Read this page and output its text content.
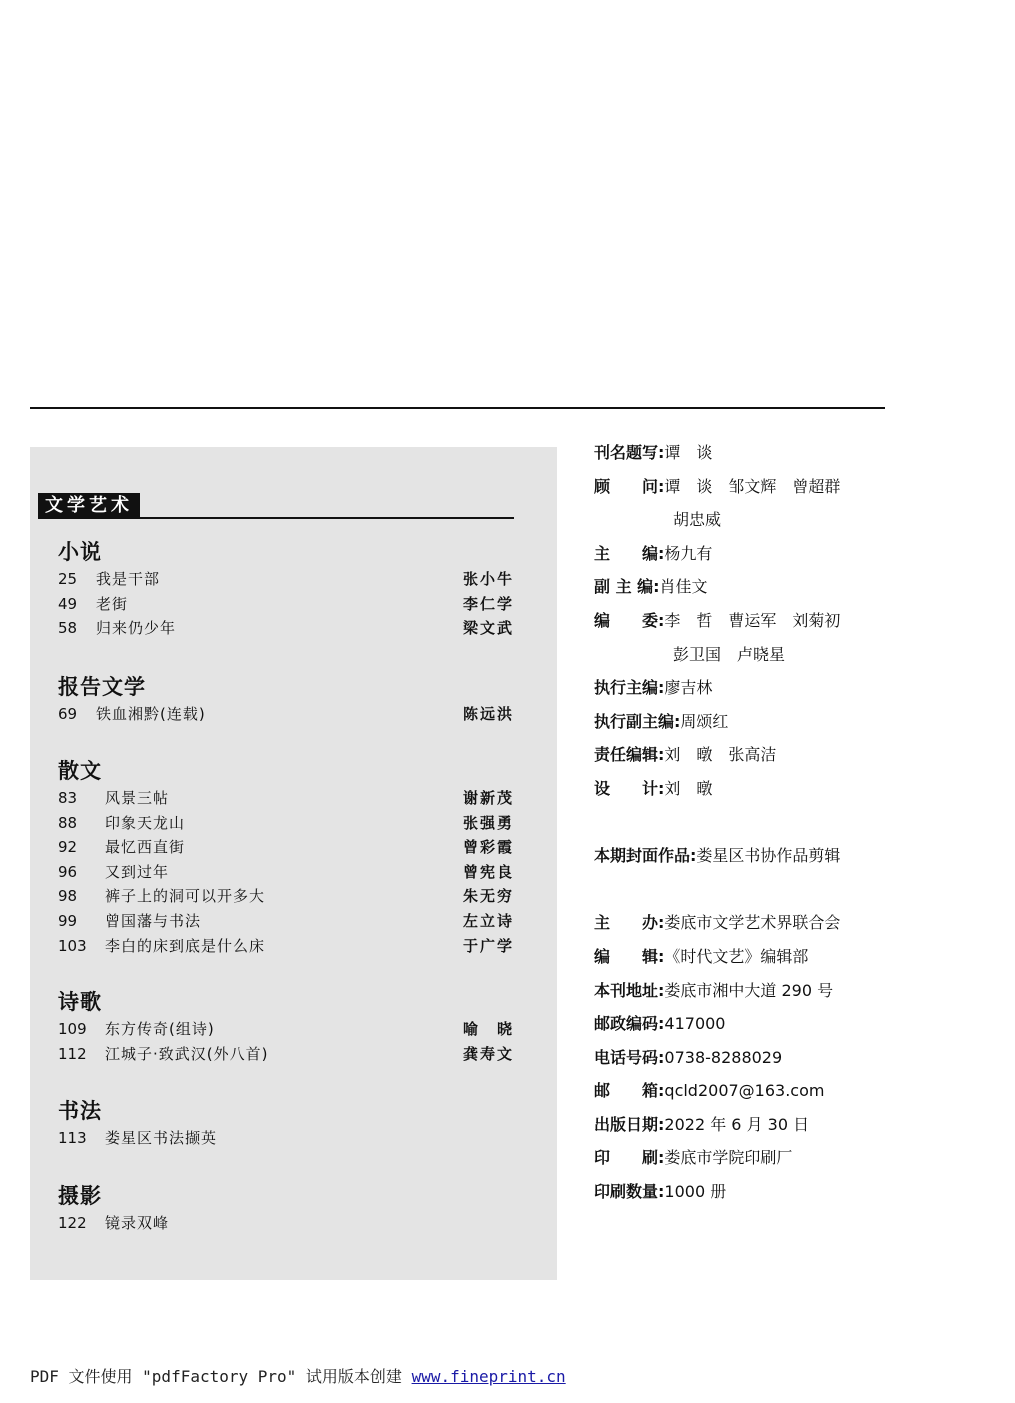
文学艺术
小说
25 我是干部	张小牛
49 老街	李仁学
58 归来仍少年	梁文武
报告文学
69 铁血湘黔(连载)	陈远洪
散文
83 风景三帖	谢新茂
88 印象天龙山	张强勇
92 最忆西直街	曾彩霞
96 又到过年	曾宪良
98 裤子上的洞可以开多大	朱无穷
99 曾国藩与书法	左立诗
103 李白的床到底是什么床	于广学
诗歌
109 东方传奇(组诗)	喻　晓
112 江城子·致武汉(外八首)	龚寿文
书法
113 娄星区书法撷英
摄影
122 镜录双峰
刊名题写:谭　谈
顾　　问:谭　谈　邹文辉　曾超群
胡忠威
主　　编:杨九有
副 主 编:肖佳文
编　　委:李　哲　曹运军　刘菊初
彭卫国　卢晓星
执行主编:廖吉林
执行副主编:周颂红
责任编辑:刘　暾　张高洁
设　　计:刘　暾
本期封面作品:娄星区书协作品剪辑
主　　办:娄底市文学艺术界联合会
编　　辑:《时代文艺》编辑部
本刊地址:娄底市湘中大道 290 号
邮政编码:417000
电话号码:0738-8288029
邮　　箱:qcld2007@163.com
出版日期:2022 年 6 月 30 日
印　　刷:娄底市学院印刷厂
印刷数量:1000 册
PDF 文件使用 "pdfFactory Pro" 试用版本创建 www.fineprint.cn
